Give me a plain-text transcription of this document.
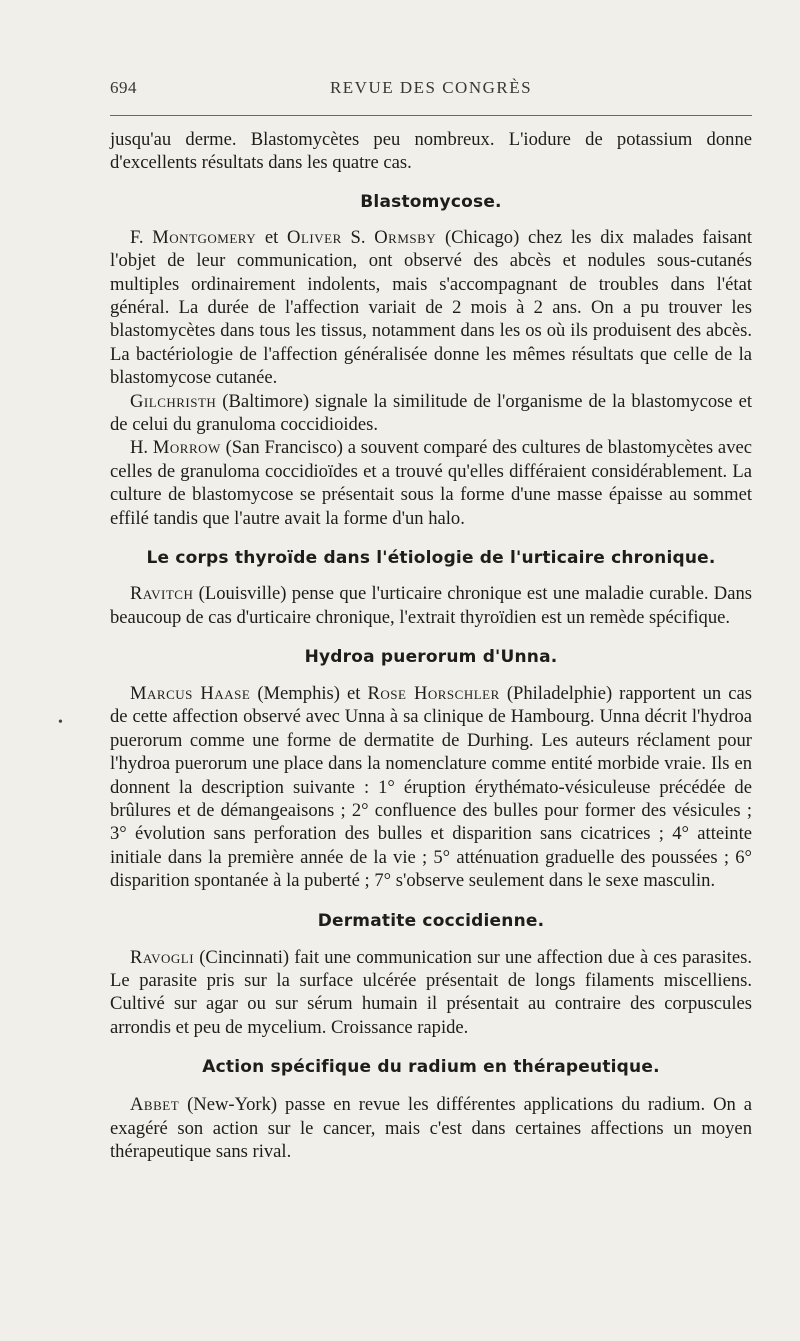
694	REVUE DES CONGRÈS
•

jusqu'au derme. Blastomycètes peu nombreux. L'iodure de potassium donne d'excellents résultats dans les quatre cas.

Blastomycose.

F. Montgomery et Oliver S. Ormsby (Chicago) chez les dix malades faisant l'objet de leur communication, ont observé des abcès et nodules sous-cutanés multiples ordinairement indolents, mais s'accompagnant de troubles dans l'état général. La durée de l'affection variait de 2 mois à 2 ans. On a pu trouver les blastomycètes dans tous les tissus, notamment dans les os où ils produisent des abcès. La bactériologie de l'affection généralisée donne les mêmes résultats que celle de la blastomycose cutanée.

Gilchristh (Baltimore) signale la similitude de l'organisme de la blastomycose et de celui du granuloma coccidioides.

H. Morrow (San Francisco) a souvent comparé des cultures de blastomycètes avec celles de granuloma coccidioïdes et a trouvé qu'elles différaient considérablement. La culture de blastomycose se présentait sous la forme d'une masse épaisse au sommet effilé tandis que l'autre avait la forme d'un halo.

Le corps thyroïde dans l'étiologie de l'urticaire chronique.

Ravitch (Louisville) pense que l'urticaire chronique est une maladie curable. Dans beaucoup de cas d'urticaire chronique, l'extrait thyroïdien est un remède spécifique.

Hydroa puerorum d'Unna.

Marcus Haase (Memphis) et Rose Horschler (Philadelphie) rapportent un cas de cette affection observé avec Unna à sa clinique de Hambourg. Unna décrit l'hydroa puerorum comme une forme de dermatite de Durhing. Les auteurs réclament pour l'hydroa puerorum une place dans la nomenclature comme entité morbide vraie. Ils en donnent la description suivante : 1° éruption érythémato-vésiculeuse précédée de brûlures et de démangeaisons ; 2° confluence des bulles pour former des vésicules ; 3° évolution sans perforation des bulles et disparition sans cicatrices ; 4° atteinte initiale dans la première année de la vie ; 5° atténuation graduelle des poussées ; 6° disparition spontanée à la puberté ; 7° s'observe seulement dans le sexe masculin.

Dermatite coccidienne.

Ravogli (Cincinnati) fait une communication sur une affection due à ces parasites. Le parasite pris sur la surface ulcérée présentait de longs filaments miscelliens. Cultivé sur agar ou sur sérum humain il présentait au contraire des corpuscules arrondis et peu de mycelium. Croissance rapide.

Action spécifique du radium en thérapeutique.

Abbet (New-York) passe en revue les différentes applications du radium. On a exagéré son action sur le cancer, mais c'est dans certaines affections un moyen thérapeutique sans rival.
